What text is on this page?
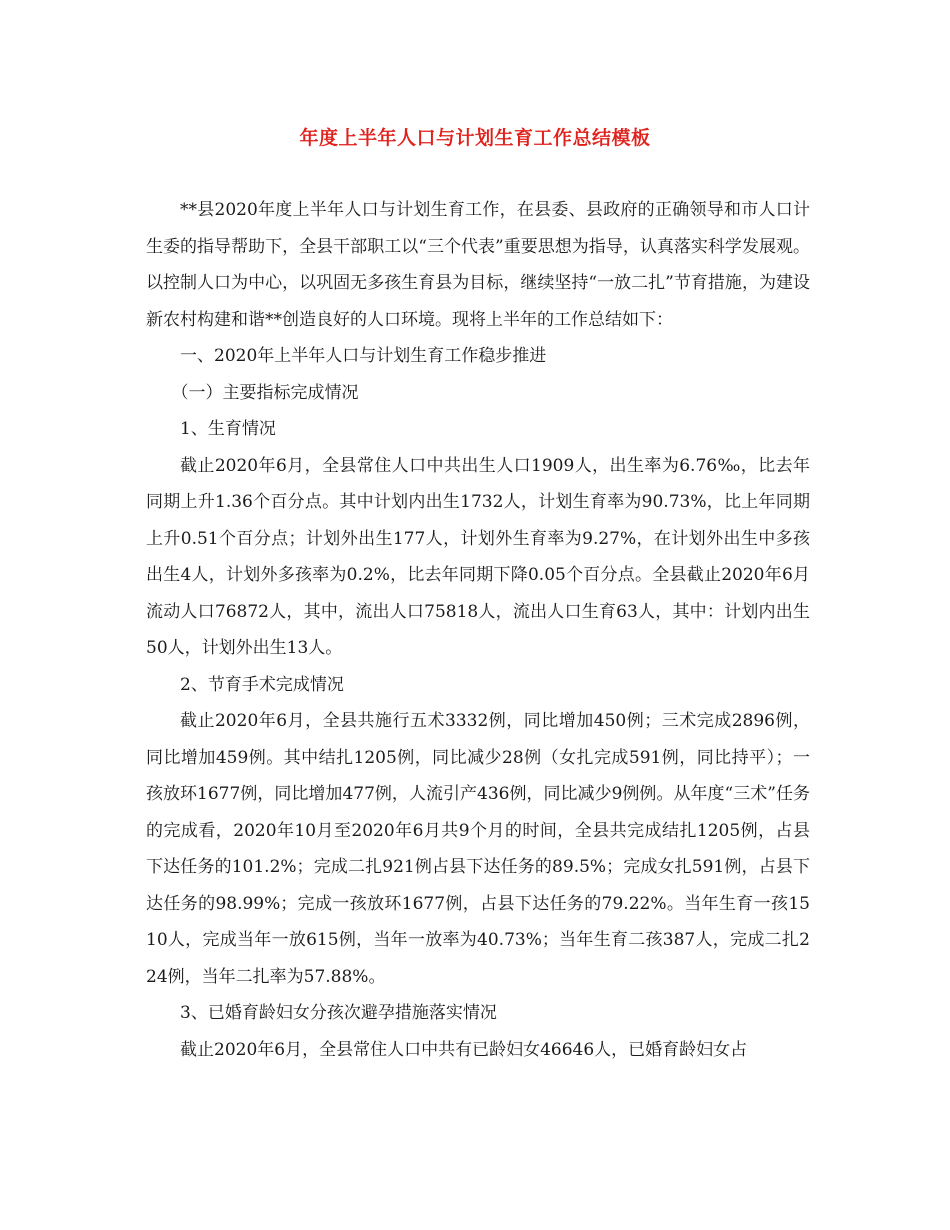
年度上半年人口与计划生育工作总结模板

**县2020年度上半年人口与计划生育工作，在县委、县政府的正确领导和市人口计生委的指导帮助下，全县干部职工以“三个代表”重要思想为指导，认真落实科学发展观。以控制人口为中心，以巩固无多孩生育县为目标，继续坚持“一放二扎”节育措施，为建设新农村构建和谐**创造良好的人口环境。现将上半年的工作总结如下：

一、2020年上半年人口与计划生育工作稳步推进

（一）主要指标完成情况

1、生育情况

截止2020年6月，全县常住人口中共出生人口1909人，出生率为6.76‰，比去年同期上升1.36个百分点。其中计划内出生1732人，计划生育率为90.73%，比上年同期上升0.51个百分点；计划外出生177人，计划外生育率为9.27%，在计划外出生中多孩出生4人，计划外多孩率为0.2%，比去年同期下降0.05个百分点。全县截止2020年6月流动人口76872人，其中，流出人口75818人，流出人口生育63人，其中：计划内出生50人，计划外出生13人。

2、节育手术完成情况

截止2020年6月，全县共施行五术3332例，同比增加450例；三术完成2896例，同比增加459例。其中结扎1205例，同比减少28例（女扎完成591例，同比持平）；一孩放环1677例，同比增加477例，人流引产436例，同比减少9例例。从年度“三术”任务的完成看，2020年10月至2020年6月共9个月的时间，全县共完成结扎1205例，占县下达任务的101.2%；完成二扎921例占县下达任务的89.5%；完成女扎591例，占县下达任务的98.99%；完成一孩放环1677例，占县下达任务的79.22%。当年生育一孩1510人，完成当年一放615例，当年一放率为40.73%；当年生育二孩387人，完成二扎224例，当年二扎率为57.88%。

3、已婚育龄妇女分孩次避孕措施落实情况

截止2020年6月，全县常住人口中共有已龄妇女46646人，已婚育龄妇女占
